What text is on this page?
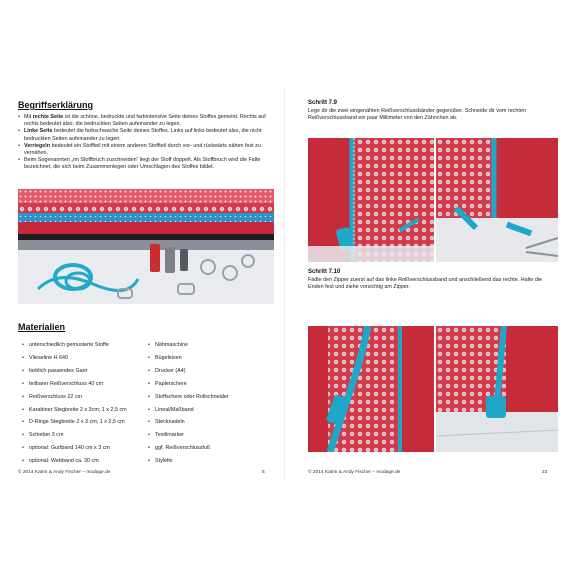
Begriffserklärung
• Mit rechte Seite ist die schöne, bedruckte und farbintensive Seite deines Stoffes gemeint. Rechts auf rechts bedeutet also, die bedruckten Seiten aufeinander zu legen.
• Linke Seite bedeutet die farbschwache Seite deines Stoffes. Links auf links bedeutet also, die nicht bedruckten Seiten aufeinander zu legen.
• Verriegeln bedeutet ein Stoffteil mit einem anderen Stoffteil durch vor- und rückwärts nähen fest zu vernähen.
• Beim Sogenannten „im Stoffbruch zuschneiden“ liegt der Stoff doppelt. Als Stoffbruch wird die Falte bezeichnet, die sich beim Zusammenlegen oder Umschlagen des Stoffes bildet.
Materialien
• unterschiedlich gemusterte Stoffe
• Vlieseline H 640
• farblich passendes Garn
• teilbarer Reißverschluss 40 cm
• Reißverschluss 22 cm
• Karabiner Stegbreite 2 x 3cm; 1 x 2,5 cm
• D-Ringe Stegbreite 2 x 3 cm; 1 x 2,5 cm
• Schieber 3 cm
• optional: Gurtband 140 cm x 3 cm
• optional: Webband ca. 30 cm
• Nähmaschine
• Bügeleisen
• Drucker (A4)
• Papierschere
• Stoffschere oder Rollschneider
• Lineal/Maßband
• Stecknadeln
• Textilmarker
• ggf. Reißverschlussfuß
• Stylefix
© 2014 Katrin & Andy Fischer – modage.de	5
Schritt 7.9
Lege dir die zwei eingenähten Reißverschlussbänder gegenüber. Schneide dir vom rechten Reißverschlussband ein paar Millimeter von den Zähnchen ab.
Schritt 7.10
Fädle den Zipper zuerst auf das linke Reißverschlussband und anschließend das rechte. Halte die Enden fest und ziehe vorsichtig am Zipper.
© 2014 Katrin & Andy Fischer – modage.de	23
